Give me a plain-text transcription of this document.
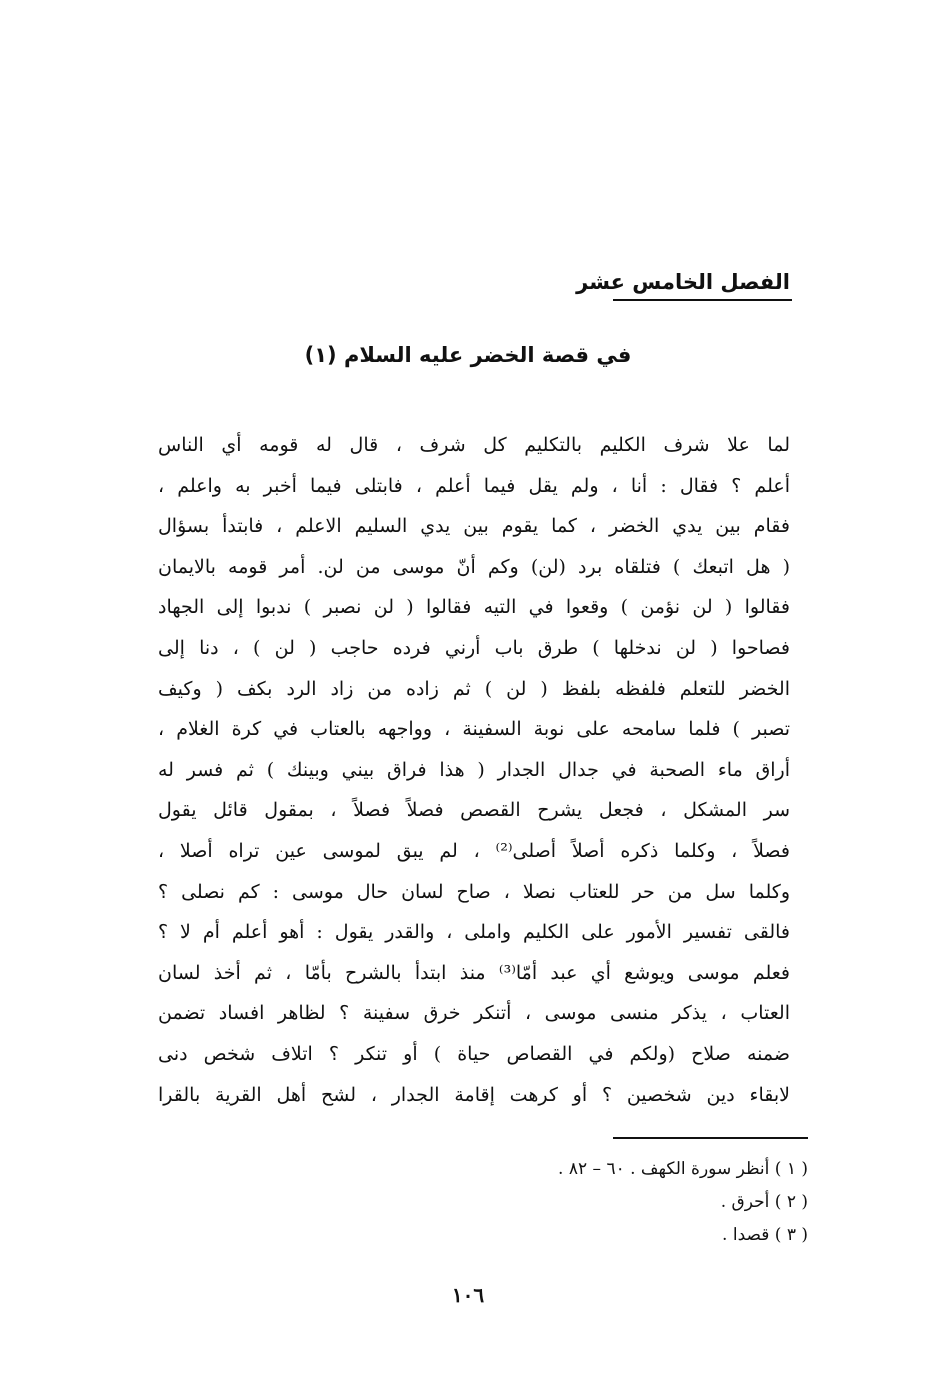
الفصل الخامس عشر
في قصة الخضر عليه السلام (١)
لما علا شرف الكليم بالتكليم كل شرف ، قال له قومه أي الناس
أعلم ؟ فقال : أنا ، ولم يقل فيما أعلم ، فابتلى فيما أخبر به واعلم ،
فقام بين يدي الخضر ، كما يقوم بين يدي السليم الاعلم ، فابتدأ بسؤال
( هل اتبعك ) فتلقاه برد (لن) وكم أنّ موسى من لن. أمر قومه بالايمان
فقالوا ( لن نؤمن ) وقعوا في التيه فقالوا ( لن نصبر ) ندبوا إلى الجهاد
فصاحوا ( لن ندخلها ) طرق باب أرني فرده حاجب ( لن ) ، دنا إلى
الخضر للتعلم فلفظه بلفظ ( لن ) ثم زاده من زاد الرد بكف ( وكيف
تصبر ) فلما سامحه على نوبة السفينة ، وواجهه بالعتاب في كرة الغلام ،
أراق ماء الصحبة في جدال الجدار ( هذا فراق بيني وبينك ) ثم فسر له
سر المشكل ، فجعل يشرح القصص فصلاً فصلاً ، بمقول قائل يقول
فصلاً ، وكلما ذكره أصلاً أصلى⁽²⁾ ، لم يبق لموسى عين تراه أصلا ،
وكلما سل من حر للعتاب نصلا ، صاح لسان حال موسى : كم نصلى ؟
فالقى تفسير الأمور على الكليم واملى ، والقدر يقول : أهو أعلم أم لا ؟
فعلم موسى ويوشع أي عبد أمّا⁽³⁾ منذ ابتدأ بالشرح بأمّا ، ثم أخذ لسان
العتاب ، يذكر منسى موسى ، أتنكر خرق سفينة ؟ لظاهر افساد تضمن
ضمنه صلاح (ولكم في القصاص حياة ) أو تنكر ؟ اتلاف شخص دنى
لابقاء دين شخصين ؟ أو كرهت إقامة الجدار ، لشح أهل القرية بالقرا
( ١ ) أنظر سورة الكهف . ٦٠ – ٨٢ .
( ٢ ) أحرق .
( ٣ ) قصدا .
١٠٦
